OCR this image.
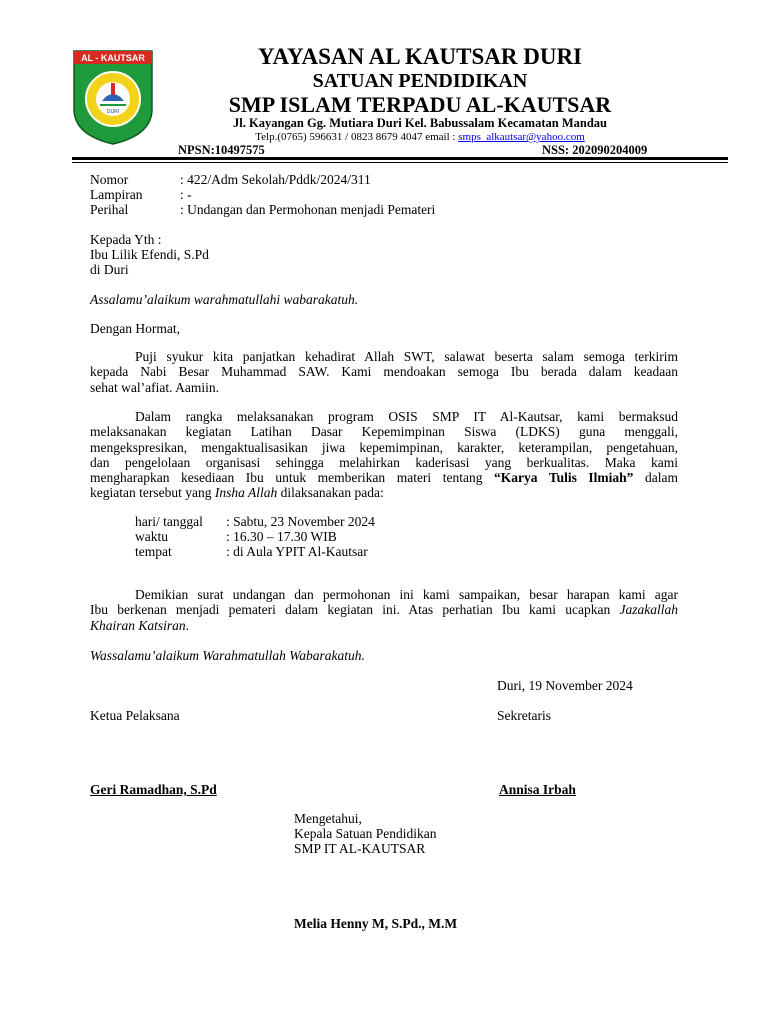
AL - KAUTSAR
DURI
YAYASAN AL KAUTSAR DURI
SATUAN PENDIDIKAN
SMP ISLAM TERPADU AL-KAUTSAR
Jl. Kayangan Gg. Mutiara Duri Kel. Babussalam Kecamatan Mandau
Telp.(0765) 596631 / 0823 8679 4047 email : smps_alkautsar@yahoo.com
NPSN:10497575	NSS: 202090204009
Nomor	: 422/Adm Sekolah/Pddk/2024/311
Lampiran	: -
Perihal	: Undangan dan Permohonan menjadi Pemateri
Kepada Yth :
Ibu Lilik Efendi, S.Pd
di Duri
Assalamu’alaikum warahmatullahi wabarakatuh.
Dengan Hormat,
Puji syukur kita panjatkan kehadirat Allah SWT, salawat beserta salam semoga terkirim
kepada Nabi Besar Muhammad SAW. Kami mendoakan semoga Ibu berada dalam keadaan
sehat wal’afiat. Aamiin.
Dalam rangka melaksanakan program OSIS SMP IT Al-Kautsar, kami bermaksud
melaksanakan kegiatan Latihan Dasar Kepemimpinan Siswa (LDKS) guna menggali,
mengekspresikan, mengaktualisasikan jiwa kepemimpinan, karakter, keterampilan, pengetahuan,
dan pengelolaan organisasi sehingga melahirkan kaderisasi yang berkualitas. Maka kami
mengharapkan kesediaan Ibu untuk memberikan materi tentang “Karya Tulis Ilmiah” dalam
kegiatan tersebut yang Insha Allah dilaksanakan pada:
hari/ tanggal : Sabtu, 23 November 2024
waktu	: 16.30 – 17.30 WIB
tempat	: di Aula YPIT Al-Kautsar
Demikian surat undangan dan permohonan ini kami sampaikan, besar harapan kami agar
Ibu berkenan menjadi pemateri dalam kegiatan ini. Atas perhatian Ibu kami ucapkan Jazakallah
Khairan Katsiran.
Wassalamu’alaikum Warahmatullah Wabarakatuh.
Duri, 19 November 2024
Ketua Pelaksana	Sekretaris
Geri Ramadhan, S.Pd	Annisa Irbah
Mengetahui,
Kepala Satuan Pendidikan
SMP IT AL-KAUTSAR
Melia Henny M, S.Pd., M.M
